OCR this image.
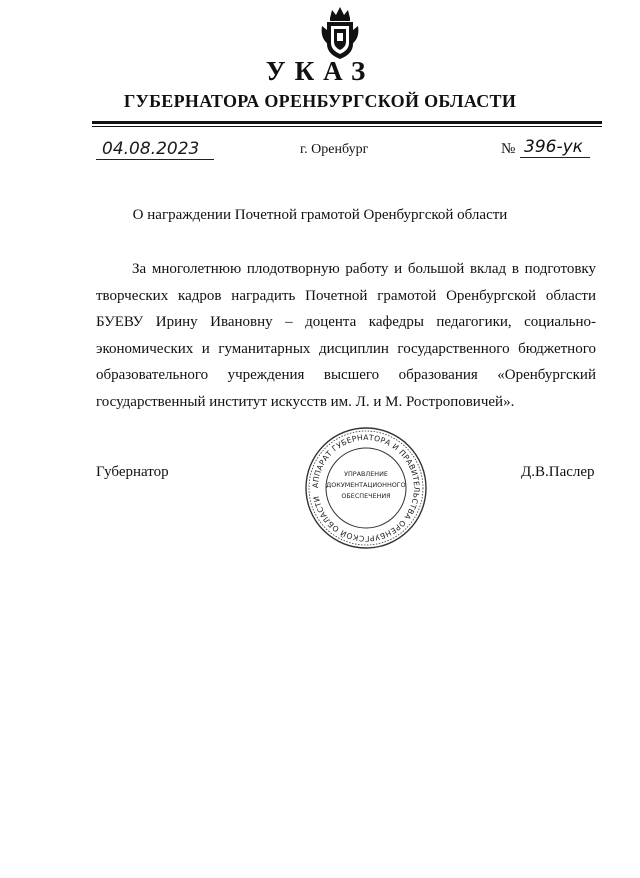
УКАЗ
ГУБЕРНАТОРА ОРЕНБУРГСКОЙ ОБЛАСТИ
04.08.2023	г. Оренбург	№ 396-ук
О награждении Почетной грамотой Оренбургской области

За многолетнюю плодотворную работу и большой вклад в подготовку творческих кадров наградить Почетной грамотой Оренбургской области БУЕВУ Ирину Ивановну – доцента кафедры педагогики, социально-экономических и гуманитарных дисциплин государственного бюджетного образовательного учреждения высшего образования «Оренбургский государственный институт искусств им. Л. и М. Ростроповичей».

Губернатор	Д.В.Паслер
АППАРАТ ГУБЕРНАТОРА И ПРАВИТЕЛЬСТВА ОРЕНБУРГСКОЙ ОБЛАСТИ
УПРАВЛЕНИЕ
ДОКУМЕНТАЦИОННОГО
ОБЕСПЕЧЕНИЯ
